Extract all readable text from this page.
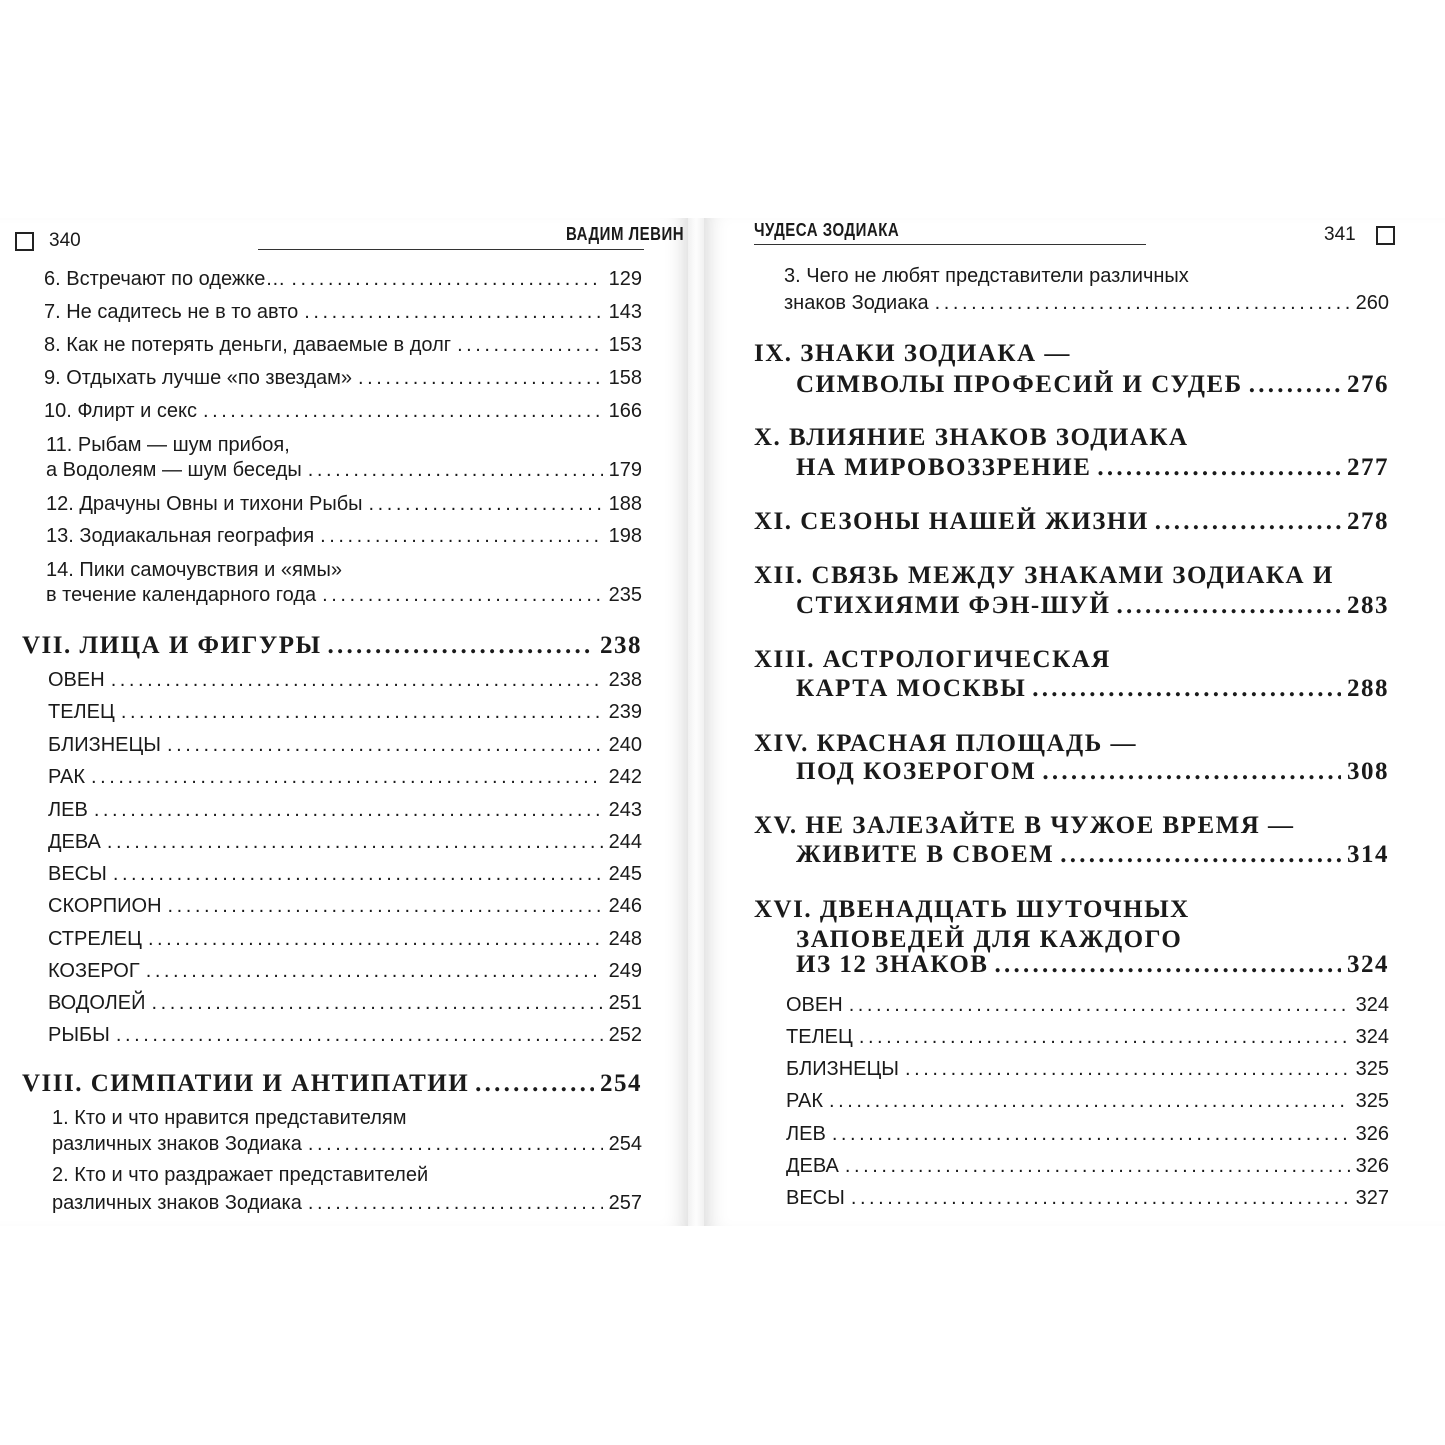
340	ВАДИМ ЛЕВИН
6. Встречают по одежке… . . .	129
7. Не садитесь не в то авто . . .	143
8. Как не потерять деньги, даваемые в долг . . .	153
9. Отдыхать лучше «по звездам» . . .	158
10. Флирт и секс . . .	166
11. Рыбам — шум прибоя,
а Водолеям — шум беседы . . .	179
12. Драчуны Овны и тихони Рыбы . . .	188
13. Зодиакальная география . . .	198
14. Пики самочувствия и «ямы»
в течение календарного года . . .	235
VII. ЛИЦА И ФИГУРЫ . . .	238
ОВЕН . . .	238
ТЕЛЕЦ . . .	239
БЛИЗНЕЦЫ . . .	240
РАК . . .	242
ЛЕВ . . .	243
ДЕВА . . .	244
ВЕСЫ . . .	245
СКОРПИОН . . .	246
СТРЕЛЕЦ . . .	248
КОЗЕРОГ . . .	249
ВОДОЛЕЙ . . .	251
РЫБЫ . . .	252
VIII. СИМПАТИИ И АНТИПАТИИ . . .	254
1. Кто и что нравится представителям
различных знаков Зодиака . . .	254
2. Кто и что раздражает представителей
различных знаков Зодиака . . .	257
ЧУДЕСА ЗОДИАКА	341
3. Чего не любят представители различных
знаков Зодиака . . .	260
IX. ЗНАКИ ЗОДИАКА —
СИМВОЛЫ ПРОФЕСИЙ И СУДЕБ . . .	276
X. ВЛИЯНИЕ ЗНАКОВ ЗОДИАКА
НА МИРОВОЗЗРЕНИЕ . . .	277
XI. СЕЗОНЫ НАШЕЙ ЖИЗНИ . . .	278
XII. СВЯЗЬ МЕЖДУ ЗНАКАМИ ЗОДИАКА И
СТИХИЯМИ ФЭН-ШУЙ . . .	283
XIII. АСТРОЛОГИЧЕСКАЯ
КАРТА МОСКВЫ . . .	288
XIV. КРАСНАЯ ПЛОЩАДЬ —
ПОД КОЗЕРОГОМ . . .	308
XV. НЕ ЗАЛЕЗАЙТЕ В ЧУЖОЕ ВРЕМЯ —
ЖИВИТЕ В СВОЕМ . . .	314
XVI. ДВЕНАДЦАТЬ ШУТОЧНЫХ
ЗАПОВЕДЕЙ ДЛЯ КАЖДОГО
ИЗ 12 ЗНАКОВ . . .	324
ОВЕН . . .	324
ТЕЛЕЦ . . .	324
БЛИЗНЕЦЫ . . .	325
РАК . . .	325
ЛЕВ . . .	326
ДЕВА . . .	326
ВЕСЫ . . .	327
